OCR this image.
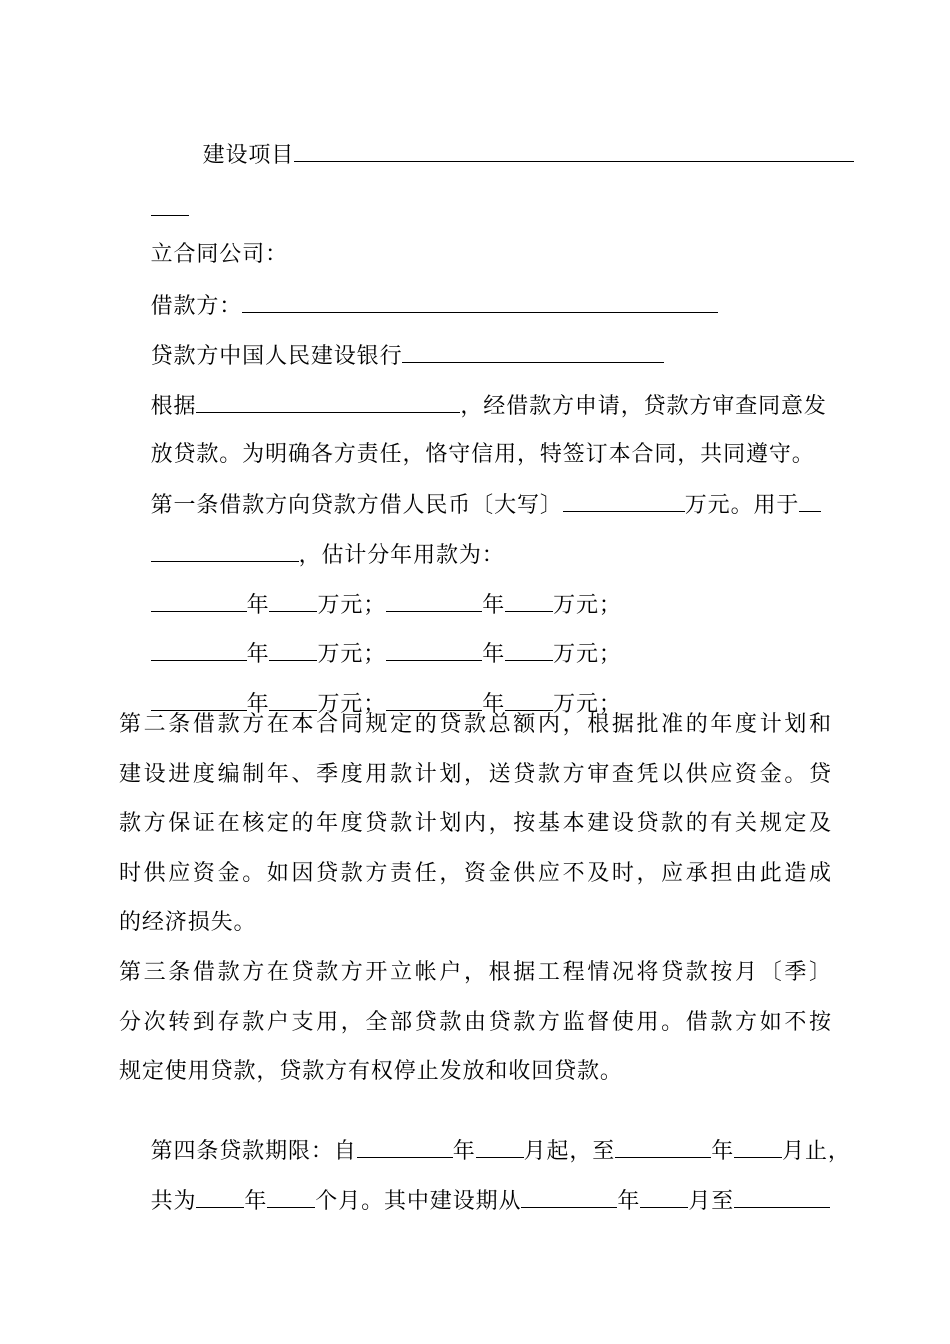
建设项目

立合同公司：

借款方：

贷款方中国人民建设银行

根据	，经借款方申请，贷款方审查同意发

放贷款。为明确各方责任，恪守信用，特签订本合同，共同遵守。

第一条借款方向贷款方借人民币〔大写〕	万元。用于

，估计分年用款为：

年 万元；	年 万元；

年 万元；	年 万元；

年 万元；	年 万元；

第二条借款方在本合同规定的贷款总额内，根据批准的年度计划和
建设进度编制年、季度用款计划，送贷款方审查凭以供应资金。贷
款方保证在核定的年度贷款计划内，按基本建设贷款的有关规定及
时供应资金。如因贷款方责任，资金供应不及时，应承担由此造成
的经济损失。
第三条借款方在贷款方开立帐户，根据工程情况将贷款按月〔季〕
分次转到存款户支用，全部贷款由贷款方监督使用。借款方如不按
规定使用贷款，贷款方有权停止发放和收回贷款。

第四条贷款期限：自	年 月起，至	年 月止，

共为 年 个月。其中建设期从	年 月至
